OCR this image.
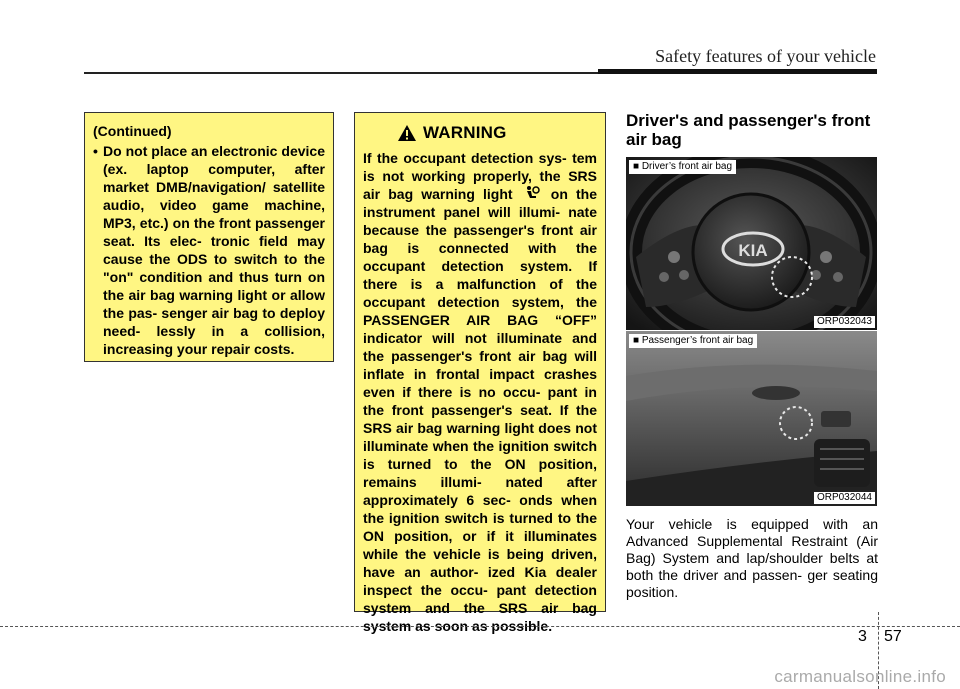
Safety features of your vehicle
(Continued)
• Do not place an electronic device (ex. laptop computer, after market DMB/navigation/ satellite audio, video game machine, MP3, etc.) on the front passenger seat. Its elec- tronic field may cause the ODS to switch to the "on" condition and thus turn on the air bag warning light or allow the pas- senger air bag to deploy need- lessly in a collision, increasing your repair costs.
WARNING
If the occupant detection sys- tem is not working properly, the SRS air bag warning light	on the instrument panel will illumi- nate because the passenger's front air bag is connected with the occupant detection system. If there is a malfunction of the occupant detection system, the PASSENGER AIR BAG “OFF” indicator will not illuminate and the passenger's front air bag will inflate in frontal impact crashes even if there is no occu- pant in the front passenger's seat. If the SRS air bag warning light does not illuminate when the ignition switch is turned to the ON position, remains illumi- nated after approximately 6 sec- onds when the ignition switch is turned to the ON position, or if it illuminates while the vehicle is being driven, have an author- ized Kia dealer inspect the occu- pant detection system and the SRS air bag system as soon as possible.
Driver's and passenger's front air bag
KIA
■ Driver’s front air bag
ORP032043
■ Passenger’s front air bag
ORP032044
Your vehicle is equipped with an Advanced Supplemental Restraint (Air Bag) System and lap/shoulder belts at both the driver and passen- ger seating position.
3 57
carmanualsonline.info
